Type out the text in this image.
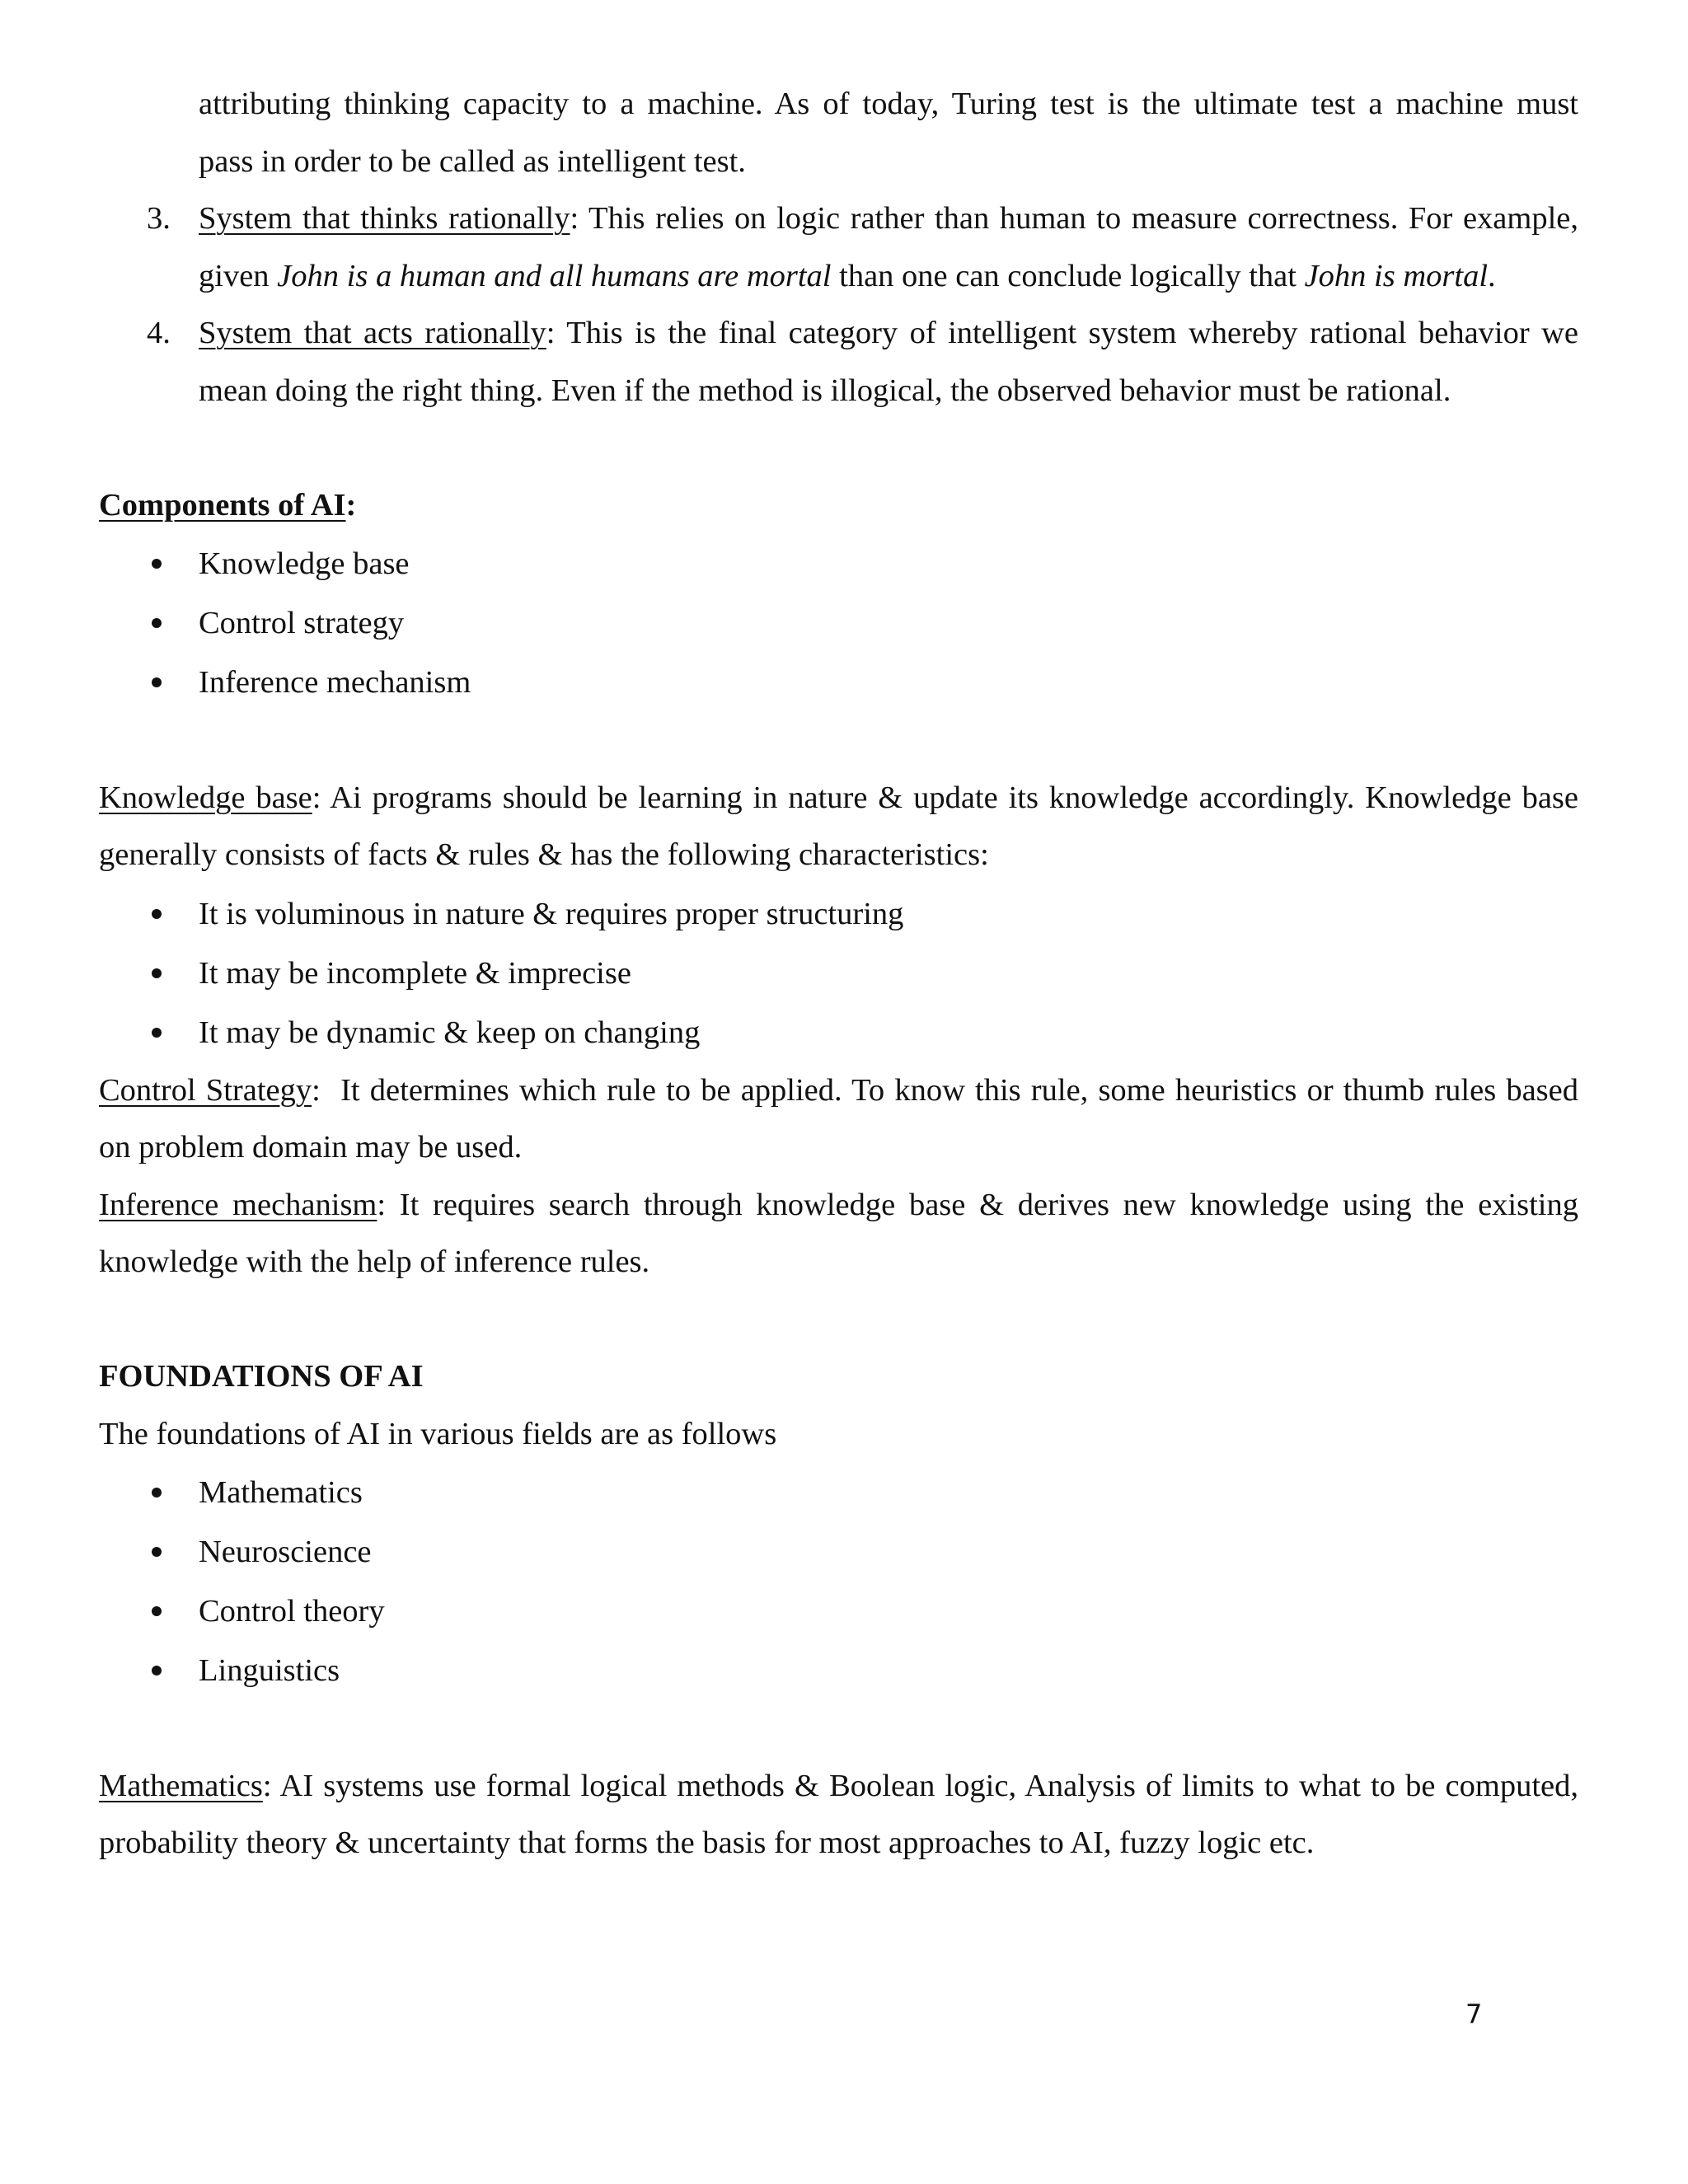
attributing thinking capacity to a machine. As of today, Turing test is the ultimate test a machine must

pass in order to be called as intelligent test.

3. System that thinks rationally: This relies on logic rather than human to measure correctness. For example, given John is a human and all humans are mortal than one can conclude logically that John is mortal.
4. System that acts rationally: This is the final category of intelligent system whereby rational behavior we mean doing the right thing. Even if the method is illogical, the observed behavior must be rational.

Components of AI:

Knowledge base
Control strategy
Inference mechanism

Knowledge base: Ai programs should be learning in nature & update its knowledge accordingly. Knowledge base generally consists of facts & rules & has the following characteristics:

It is voluminous in nature & requires proper structuring
It may be incomplete & imprecise
It may be dynamic & keep on changing

Control Strategy:  It determines which rule to be applied. To know this rule, some heuristics or thumb rules based on problem domain may be used.

Inference mechanism: It requires search through knowledge base & derives new knowledge using the existing knowledge with the help of inference rules.

FOUNDATIONS OF AI

The foundations of AI in various fields are as follows

Mathematics
Neuroscience
Control theory
Linguistics

Mathematics: AI systems use formal logical methods & Boolean logic, Analysis of limits to what to be computed, probability theory & uncertainty that forms the basis for most approaches to AI, fuzzy logic etc.

7
